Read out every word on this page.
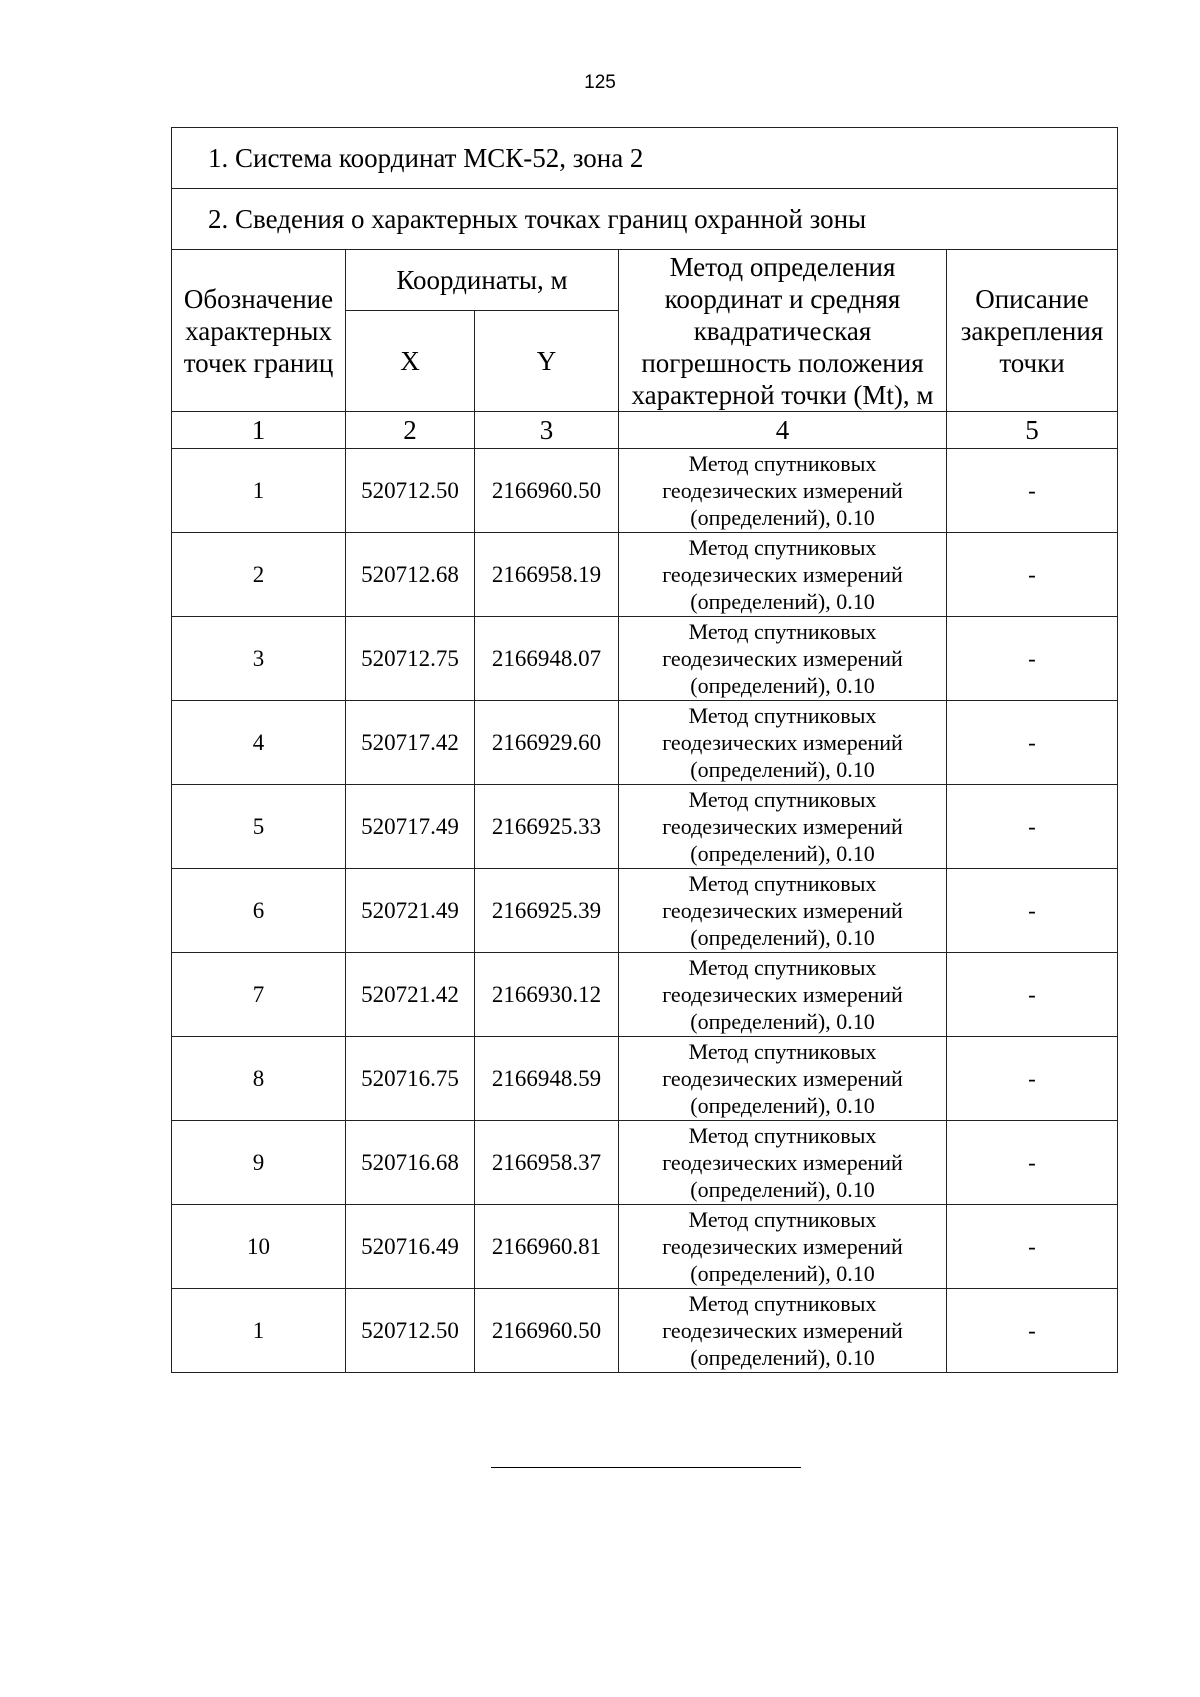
125
1. Система координат МСК-52, зона 2				
2. Сведения о характерных точках границ охранной зоны				
Обозначение характерных точек границ	Координаты, м		Метод определения координат и средняя квадратическая погрешность положения характерной точки (Mt), м	Описание закрепления точки
	X	Y		
1	2	3	4	5
1	520712.50	2166960.50	Метод спутниковых геодезических измерений (определений), 0.10	-
2	520712.68	2166958.19	Метод спутниковых геодезических измерений (определений), 0.10	-
3	520712.75	2166948.07	Метод спутниковых геодезических измерений (определений), 0.10	-
4	520717.42	2166929.60	Метод спутниковых геодезических измерений (определений), 0.10	-
5	520717.49	2166925.33	Метод спутниковых геодезических измерений (определений), 0.10	-
6	520721.49	2166925.39	Метод спутниковых геодезических измерений (определений), 0.10	-
7	520721.42	2166930.12	Метод спутниковых геодезических измерений (определений), 0.10	-
8	520716.75	2166948.59	Метод спутниковых геодезических измерений (определений), 0.10	-
9	520716.68	2166958.37	Метод спутниковых геодезических измерений (определений), 0.10	-
10	520716.49	2166960.81	Метод спутниковых геодезических измерений (определений), 0.10	-
1	520712.50	2166960.50	Метод спутниковых геодезических измерений (определений), 0.10	-
